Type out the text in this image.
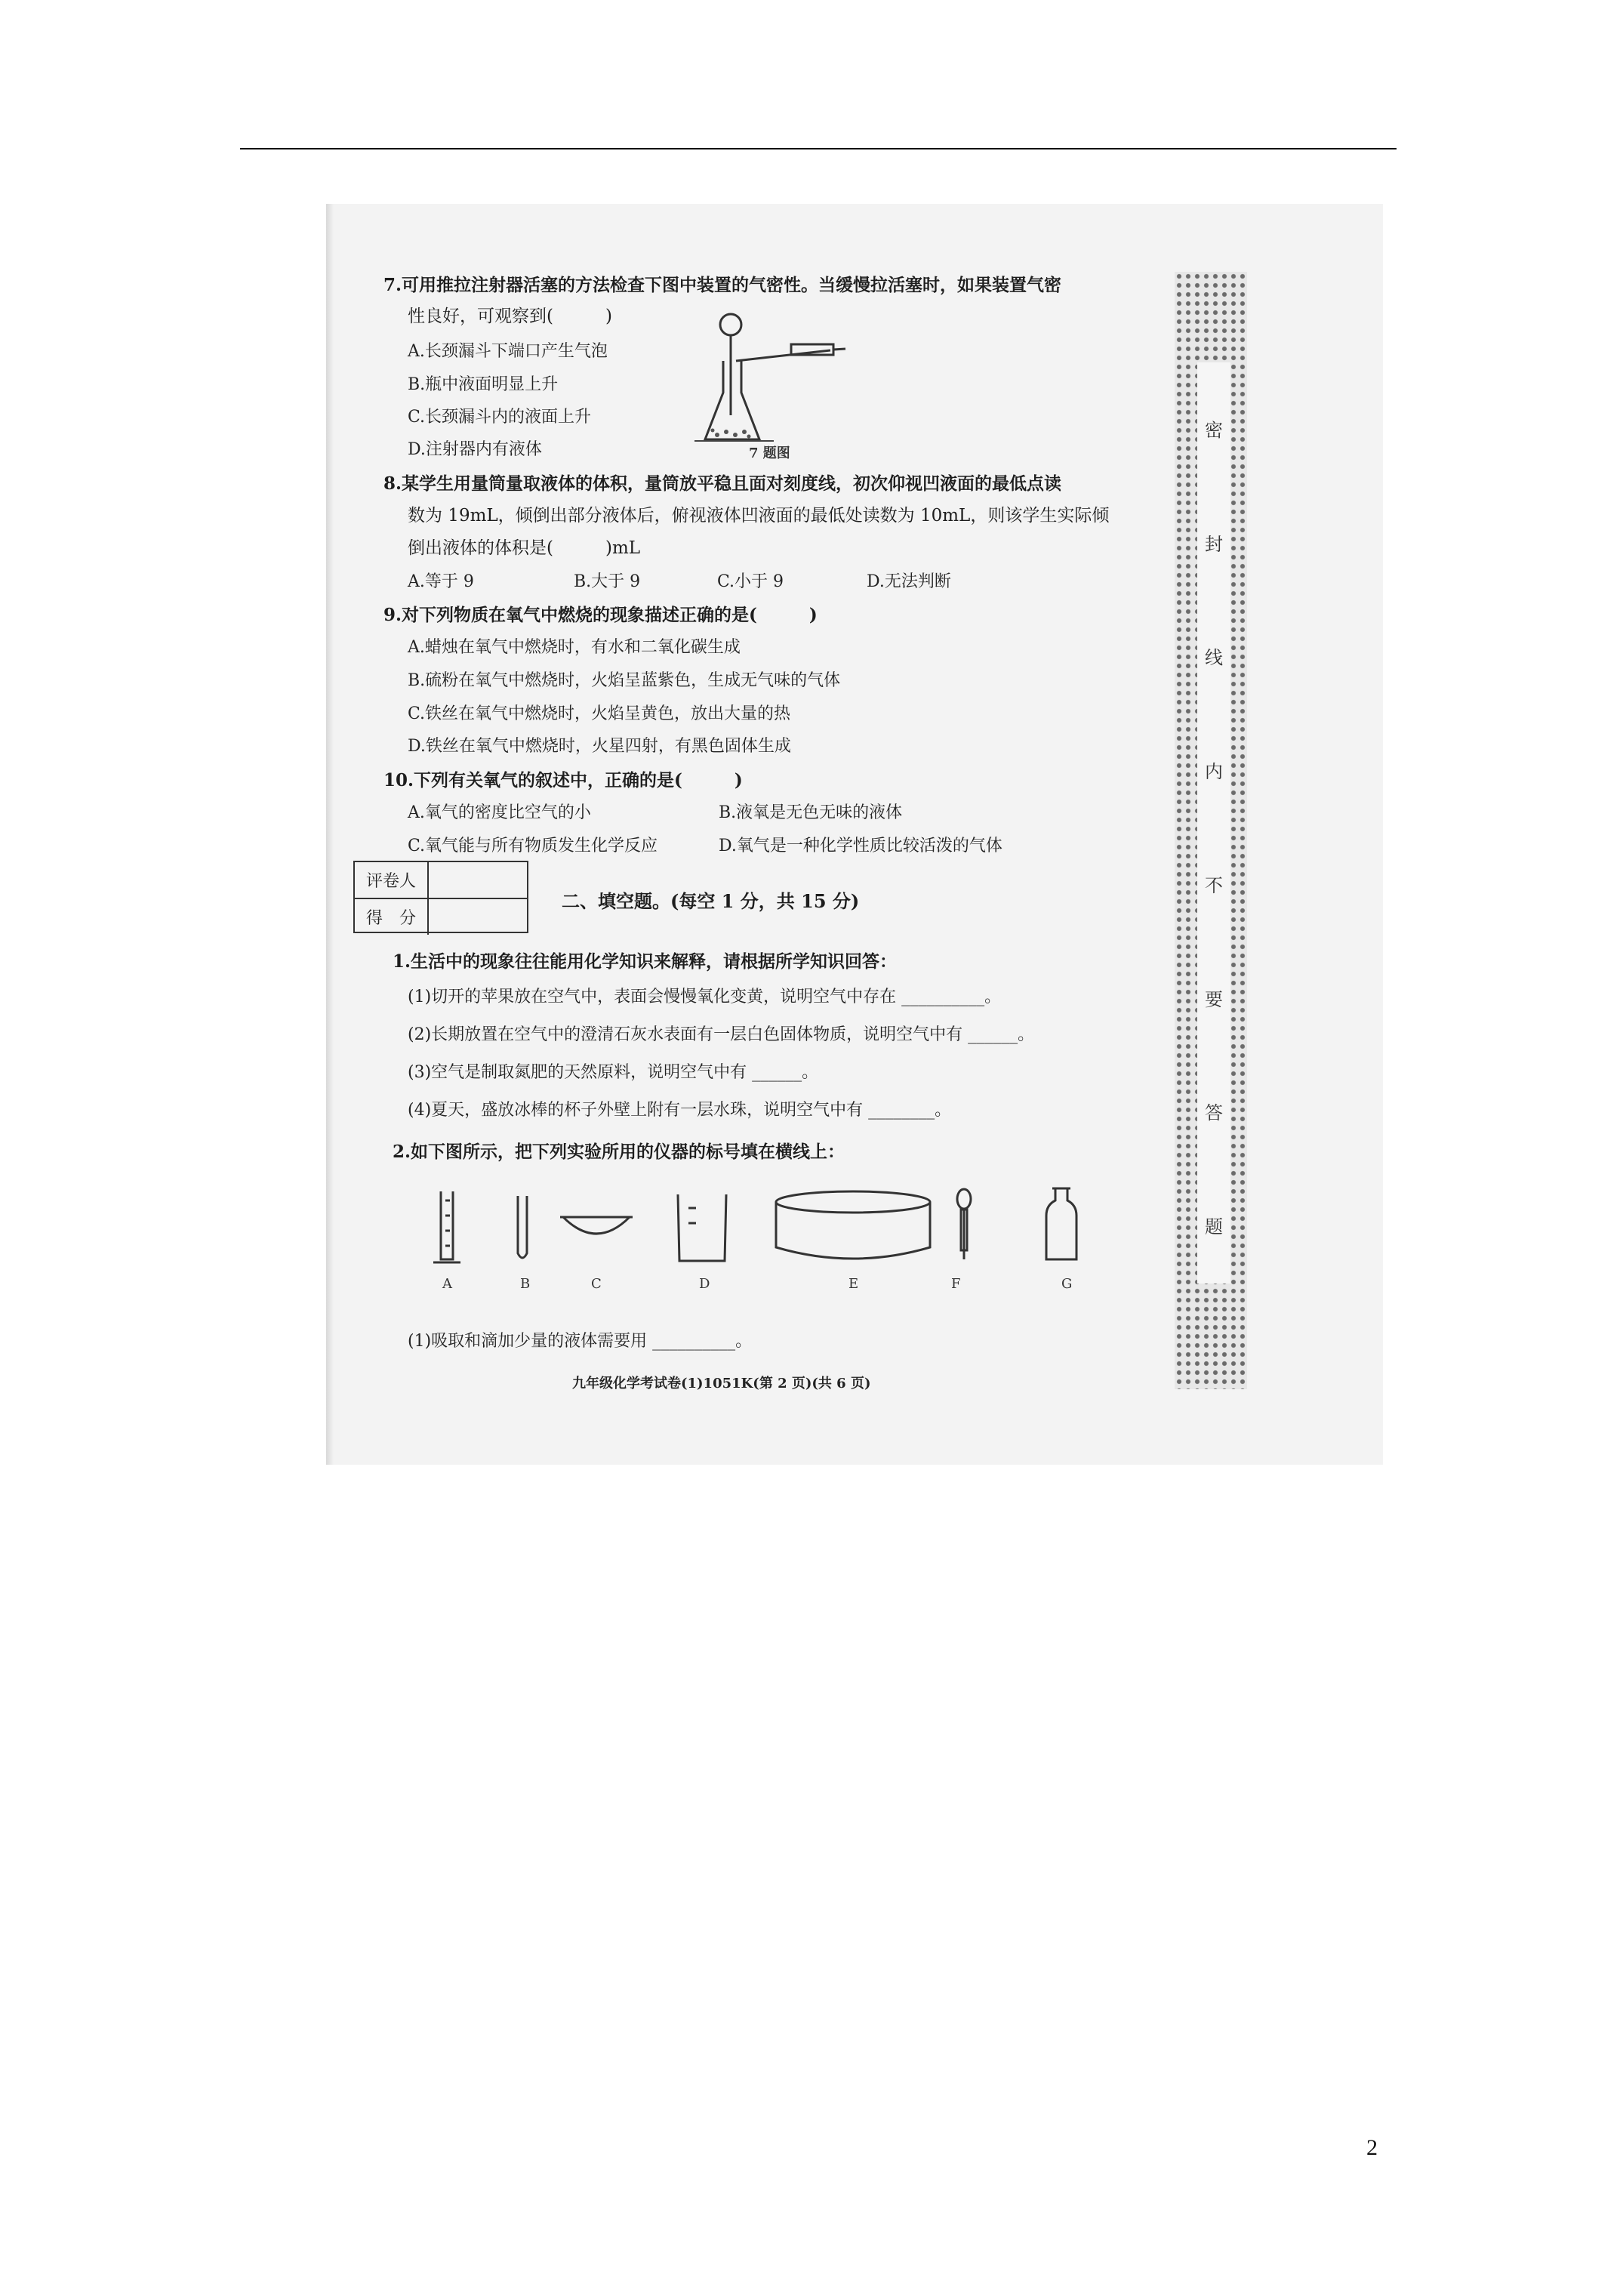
7.可用推拉注射器活塞的方法检查下图中装置的气密性。当缓慢拉活塞时，如果装置气密
性良好，可观察到(　　　)
A.长颈漏斗下端口产生气泡
B.瓶中液面明显上升
C.长颈漏斗内的液面上升
D.注射器内有液体	7 题图
8.某学生用量筒量取液体的体积，量筒放平稳且面对刻度线，初次仰视凹液面的最低点读
数为 19mL，倾倒出部分液体后，俯视液体凹液面的最低处读数为 10mL，则该学生实际倾
倒出液体的体积是(　　　)mL
A.等于 9	B.大于 9	C.小于 9	D.无法判断
9.对下列物质在氧气中燃烧的现象描述正确的是(　　　)
A.蜡烛在氧气中燃烧时，有水和二氧化碳生成
B.硫粉在氧气中燃烧时，火焰呈蓝紫色，生成无气味的气体
C.铁丝在氧气中燃烧时，火焰呈黄色，放出大量的热
D.铁丝在氧气中燃烧时，火星四射，有黑色固体生成
10.下列有关氧气的叙述中，正确的是(　　　)
A.氧气的密度比空气的小	B.液氧是无色无味的液体
C.氧气能与所有物质发生化学反应	D.氧气是一种化学性质比较活泼的气体
评卷人
得　分
二、填空题。(每空 1 分，共 15 分)
1.生活中的现象往往能用化学知识来解释，请根据所学知识回答：
(1)切开的苹果放在空气中，表面会慢慢氧化变黄，说明空气中存在 __________。
(2)长期放置在空气中的澄清石灰水表面有一层白色固体物质，说明空气中有 ______。
(3)空气是制取氮肥的天然原料，说明空气中有 ______。
(4)夏天，盛放冰棒的杯子外壁上附有一层水珠，说明空气中有 ________。
2.如下图所示，把下列实验所用的仪器的标号填在横线上：
A	B	C	D	E	F	G
(1)吸取和滴加少量的液体需要用 __________。
九年级化学考试卷(1)1051K(第 2 页)(共 6 页)
密
封
线
内
不
要
答
题
2
